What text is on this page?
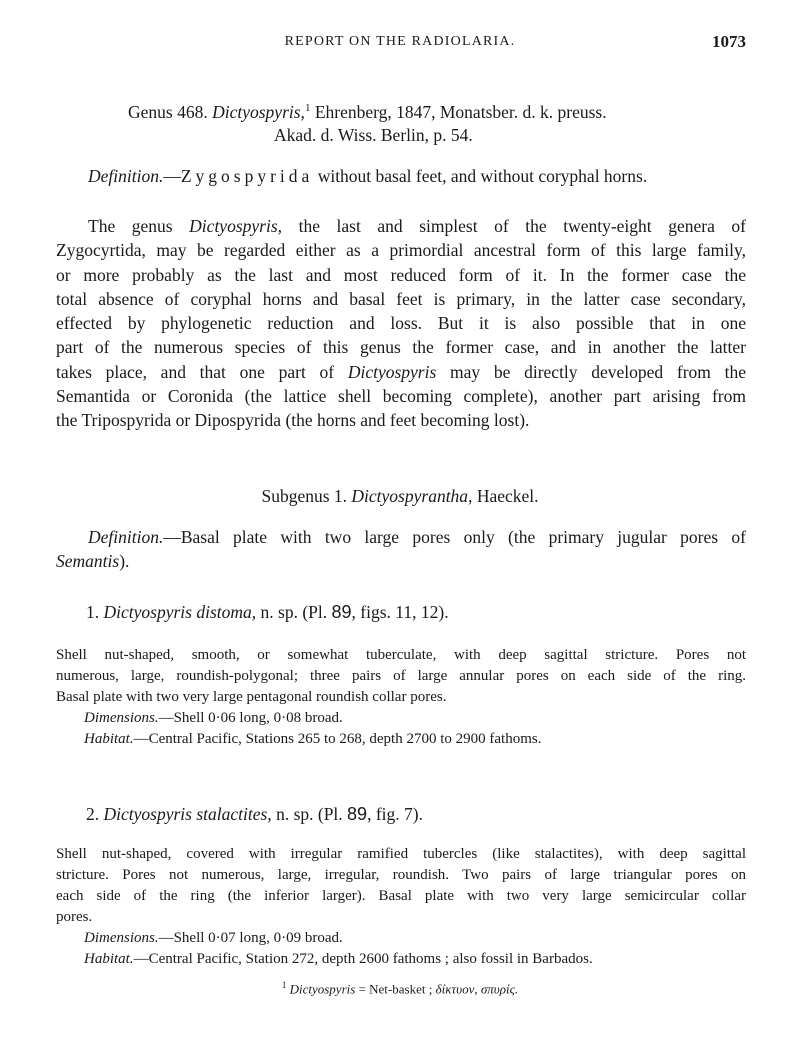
REPORT ON THE RADIOLARIA.	1073
Genus 468. Dictyospyris,$^1$ Ehrenberg, 1847, Monatsber. d. k. preuss.
Akad. d. Wiss. Berlin, p. 54.
Definition.—Zygospyrida without basal feet, and without coryphal horns.
The genus Dictyospyris, the last and simplest of the twenty-eight genera of
Zygocyrtida, may be regarded either as a primordial ancestral form of this large family,
or more probably as the last and most reduced form of it. In the former case the
total absence of coryphal horns and basal feet is primary, in the latter case secondary,
effected by phylogenetic reduction and loss. But it is also possible that in one
part of the numerous species of this genus the former case, and in another the latter
takes place, and that one part of Dictyospyris may be directly developed from the
Semantida or Coronida (the lattice shell becoming complete), another part arising from
the Tripospyrida or Dipospyrida (the horns and feet becoming lost).
Subgenus 1. Dictyospyrantha, Haeckel.
Definition.—Basal plate with two large pores only (the primary jugular pores of
Semantis).
1. Dictyospyris distoma, n. sp. (Pl. 89, figs. 11, 12).
Shell nut-shaped, smooth, or somewhat tuberculate, with deep sagittal stricture. Pores not
numerous, large, roundish-polygonal; three pairs of large annular pores on each side of the ring.
Basal plate with two very large pentagonal roundish collar pores.
Dimensions.—Shell 0·06 long, 0·08 broad.
Habitat.—Central Pacific, Stations 265 to 268, depth 2700 to 2900 fathoms.
2. Dictyospyris stalactites, n. sp. (Pl. 89, fig. 7).
Shell nut-shaped, covered with irregular ramified tubercles (like stalactites), with deep sagittal
stricture. Pores not numerous, large, irregular, roundish. Two pairs of large triangular pores on
each side of the ring (the inferior larger). Basal plate with two very large semicircular collar
pores.
Dimensions.—Shell 0·07 long, 0·09 broad.
Habitat.—Central Pacific, Station 272, depth 2600 fathoms ; also fossil in Barbados.
$^1$ Dictyospyris = Net-basket ; δίκτυον, σπυρίς.
